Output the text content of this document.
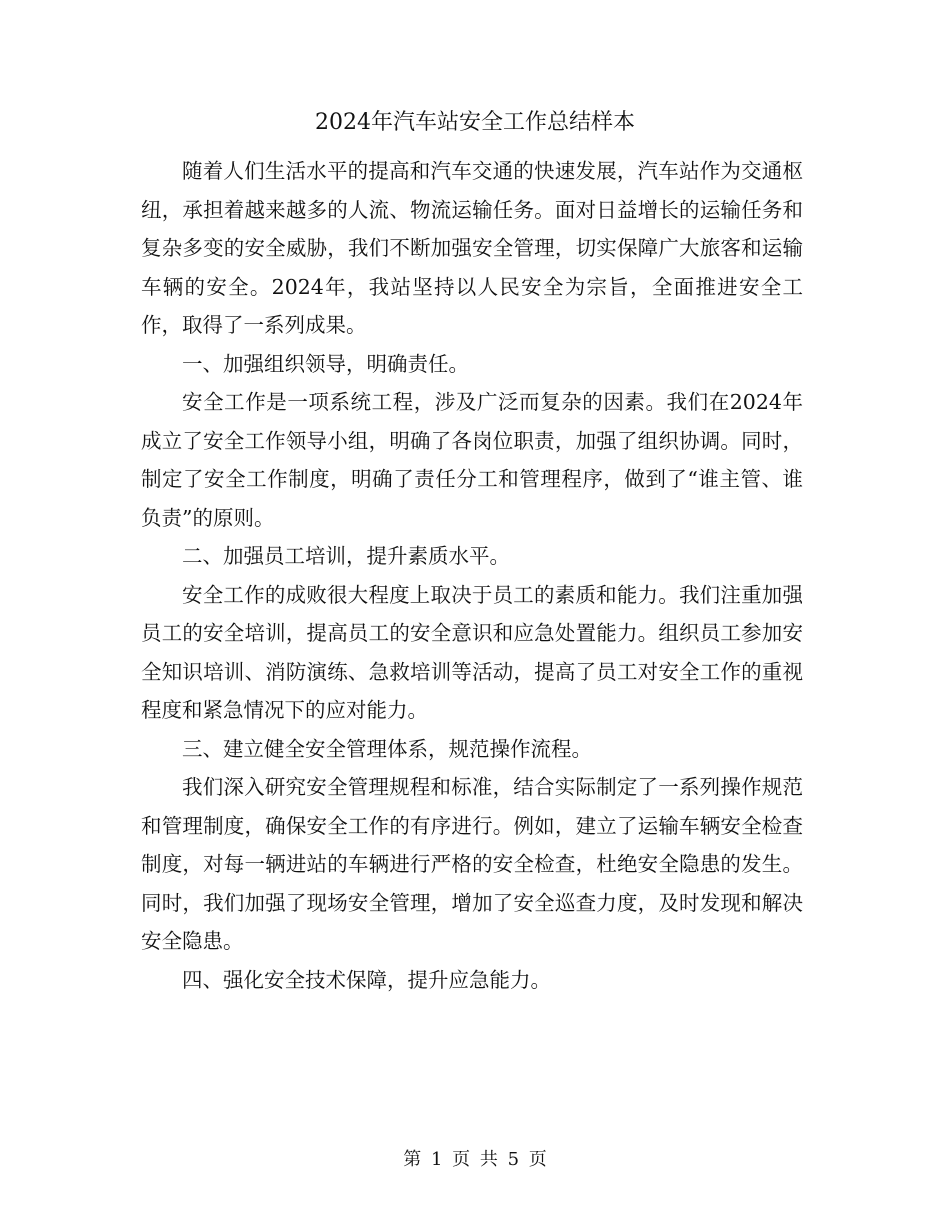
2024年汽车站安全工作总结样本

随着人们生活水平的提高和汽车交通的快速发展，汽车站作为交通枢纽，承担着越来越多的人流、物流运输任务。面对日益增长的运输任务和复杂多变的安全威胁，我们不断加强安全管理，切实保障广大旅客和运输车辆的安全。2024年，我站坚持以人民安全为宗旨，全面推进安全工作，取得了一系列成果。

一、加强组织领导，明确责任。

安全工作是一项系统工程，涉及广泛而复杂的因素。我们在2024年成立了安全工作领导小组，明确了各岗位职责，加强了组织协调。同时，制定了安全工作制度，明确了责任分工和管理程序，做到了“谁主管、谁负责”的原则。

二、加强员工培训，提升素质水平。

安全工作的成败很大程度上取决于员工的素质和能力。我们注重加强员工的安全培训，提高员工的安全意识和应急处置能力。组织员工参加安全知识培训、消防演练、急救培训等活动，提高了员工对安全工作的重视程度和紧急情况下的应对能力。

三、建立健全安全管理体系，规范操作流程。

我们深入研究安全管理规程和标准，结合实际制定了一系列操作规范和管理制度，确保安全工作的有序进行。例如，建立了运输车辆安全检查制度，对每一辆进站的车辆进行严格的安全检查，杜绝安全隐患的发生。同时，我们加强了现场安全管理，增加了安全巡查力度，及时发现和解决安全隐患。

四、强化安全技术保障，提升应急能力。

第 1 页 共 5 页
